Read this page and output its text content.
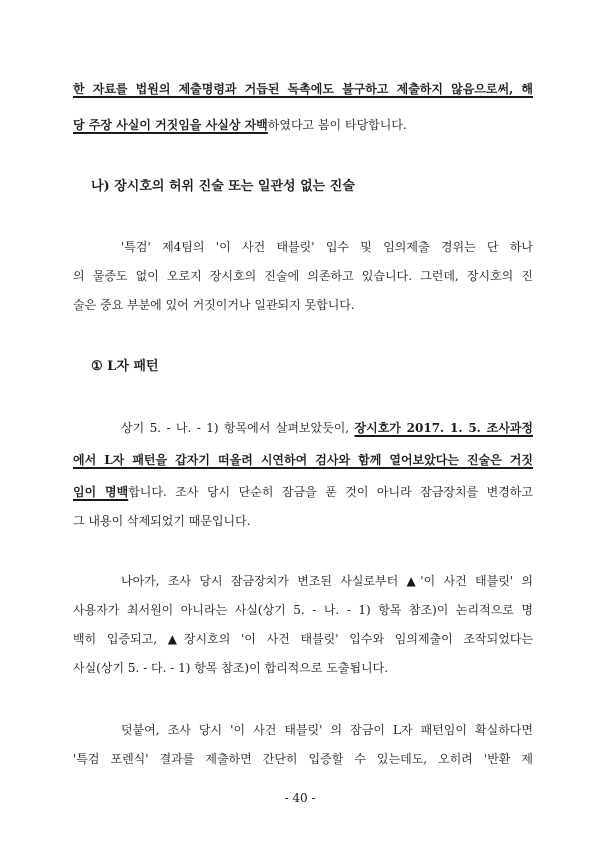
한 자료를 법원의 제출명령과 거듭된 독촉에도 불구하고 제출하지 않음으로써, 해
당 주장 사실이 거짓임을 사실상 자백하였다고 봄이 타당합니다.
나) 장시호의 허위 진술 또는 일관성 없는 진술
'특검' 제4팀의 '이 사건 태블릿' 입수 및 임의제출 경위는 단 하나
의 물증도 없이 오로지 장시호의 진술에 의존하고 있습니다. 그런데, 장시호의 진
술은 중요 부분에 있어 거짓이거나 일관되지 못합니다.
① L자 패턴
상기 5. - 나. - 1) 항목에서 살펴보았듯이, 장시호가 2017. 1. 5. 조사과정
에서 L자 패턴을 갑자기 떠올려 시연하여 검사와 함께 열어보았다는 진술은 거짓
임이 명백합니다. 조사 당시 단순히 잠금을 푼 것이 아니라 잠금장치를 변경하고
그 내용이 삭제되었기 때문입니다.
나아가, 조사 당시 잠금장치가 변조된 사실로부터 ▲'이 사건 태블릿' 의
사용자가 최서원이 아니라는 사실(상기 5. - 나. - 1) 항목 참조)이 논리적으로 명
백히 입증되고, ▲장시호의 '이 사건 태블릿' 입수와 임의제출이 조작되었다는
사실(상기 5. - 다. - 1) 항목 참조)이 합리적으로 도출됩니다.
덧붙여, 조사 당시 '이 사건 태블릿' 의 잠금이 L자 패턴임이 확실하다면
'특검 포렌식' 결과를 제출하면 간단히 입증할 수 있는데도, 오히려 '반환 제
- 40 -
